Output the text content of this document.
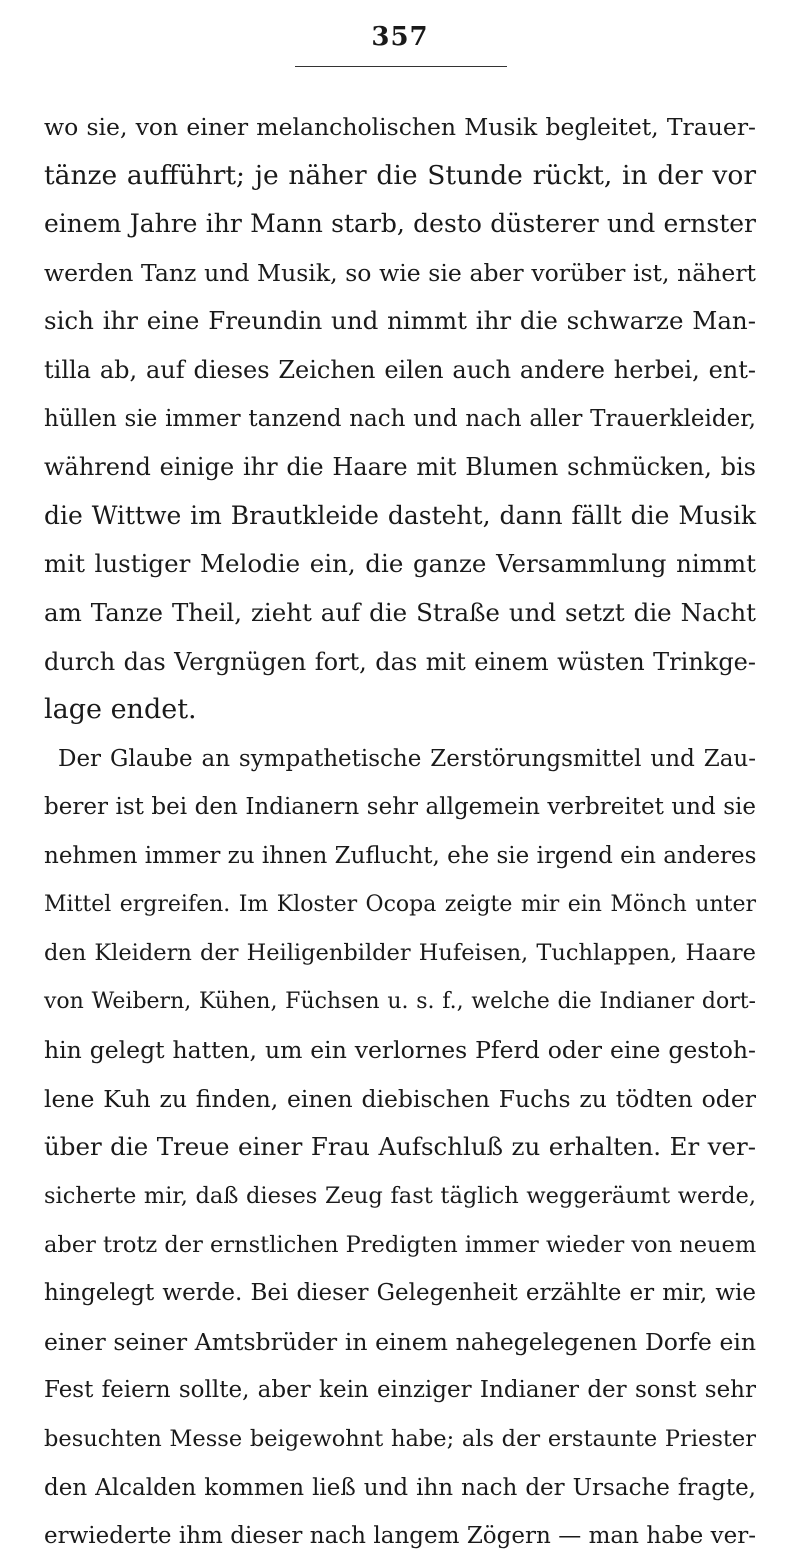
357
wo sie, von einer melancholischen Musik begleitet, Trauer-
tänze aufführt; je näher die Stunde rückt, in der vor
einem Jahre ihr Mann starb, desto düsterer und ernster
werden Tanz und Musik, so wie sie aber vorüber ist, nähert
sich ihr eine Freundin und nimmt ihr die schwarze Man-
tilla ab, auf dieses Zeichen eilen auch andere herbei, ent-
hüllen sie immer tanzend nach und nach aller Trauerkleider,
während einige ihr die Haare mit Blumen schmücken, bis
die Wittwe im Brautkleide dasteht, dann fällt die Musik
mit lustiger Melodie ein, die ganze Versammlung nimmt
am Tanze Theil, zieht auf die Straße und setzt die Nacht
durch das Vergnügen fort, das mit einem wüsten Trinkge-
lage endet.
Der Glaube an sympathetische Zerstörungsmittel und Zau-
berer ist bei den Indianern sehr allgemein verbreitet und sie
nehmen immer zu ihnen Zuflucht, ehe sie irgend ein anderes
Mittel ergreifen. Im Kloster Ocopa zeigte mir ein Mönch unter
den Kleidern der Heiligenbilder Hufeisen, Tuchlappen, Haare
von Weibern, Kühen, Füchsen u. s. f., welche die Indianer dort-
hin gelegt hatten, um ein verlornes Pferd oder eine gestoh-
lene Kuh zu finden, einen diebischen Fuchs zu tödten oder
über die Treue einer Frau Aufschluß zu erhalten. Er ver-
sicherte mir, daß dieses Zeug fast täglich weggeräumt werde,
aber trotz der ernstlichen Predigten immer wieder von neuem
hingelegt werde. Bei dieser Gelegenheit erzählte er mir, wie
einer seiner Amtsbrüder in einem nahegelegenen Dorfe ein
Fest feiern sollte, aber kein einziger Indianer der sonst sehr
besuchten Messe beigewohnt habe; als der erstaunte Priester
den Alcalden kommen ließ und ihn nach der Ursache fragte,
erwiederte ihm dieser nach langem Zögern — man habe ver-
